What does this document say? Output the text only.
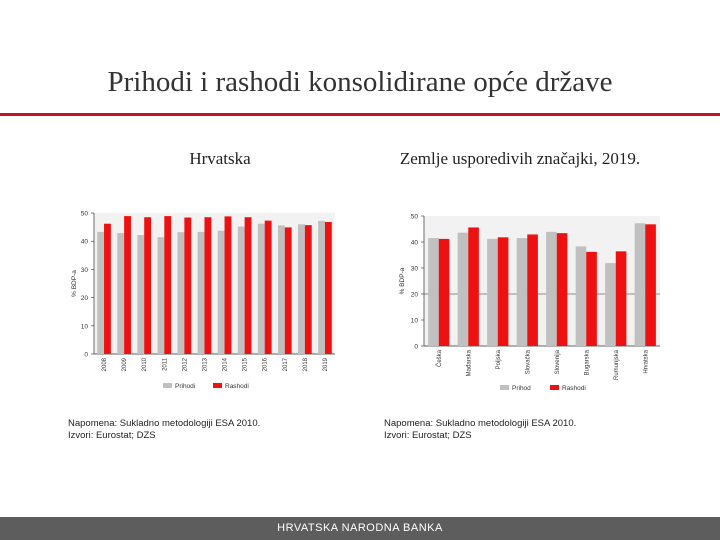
Prihodi i rashodi konsolidirane opće države
Hrvatska	Zemlje usporedivih značajki, 2019.
0
10
20
30
40
50
% BDP-a
2008 2009 2010 2011 2012 2013 2014 2015 2016 2017 2018 2019
Prihodi	Rashodi
0
10
20
30
40
50
% BDP-a
Češka	Mađarska	Poljska	Slovačka	Slovenija	Bugarska	Rumunjska	Hrvatska
Prihod	Rashodi
Napomena: Sukladno metodologiji ESA 2010.
Izvori: Eurostat; DZS
Napomena: Sukladno metodologiji ESA 2010.
Izvori: Eurostat; DZS
HRVATSKA NARODNA BANKA
